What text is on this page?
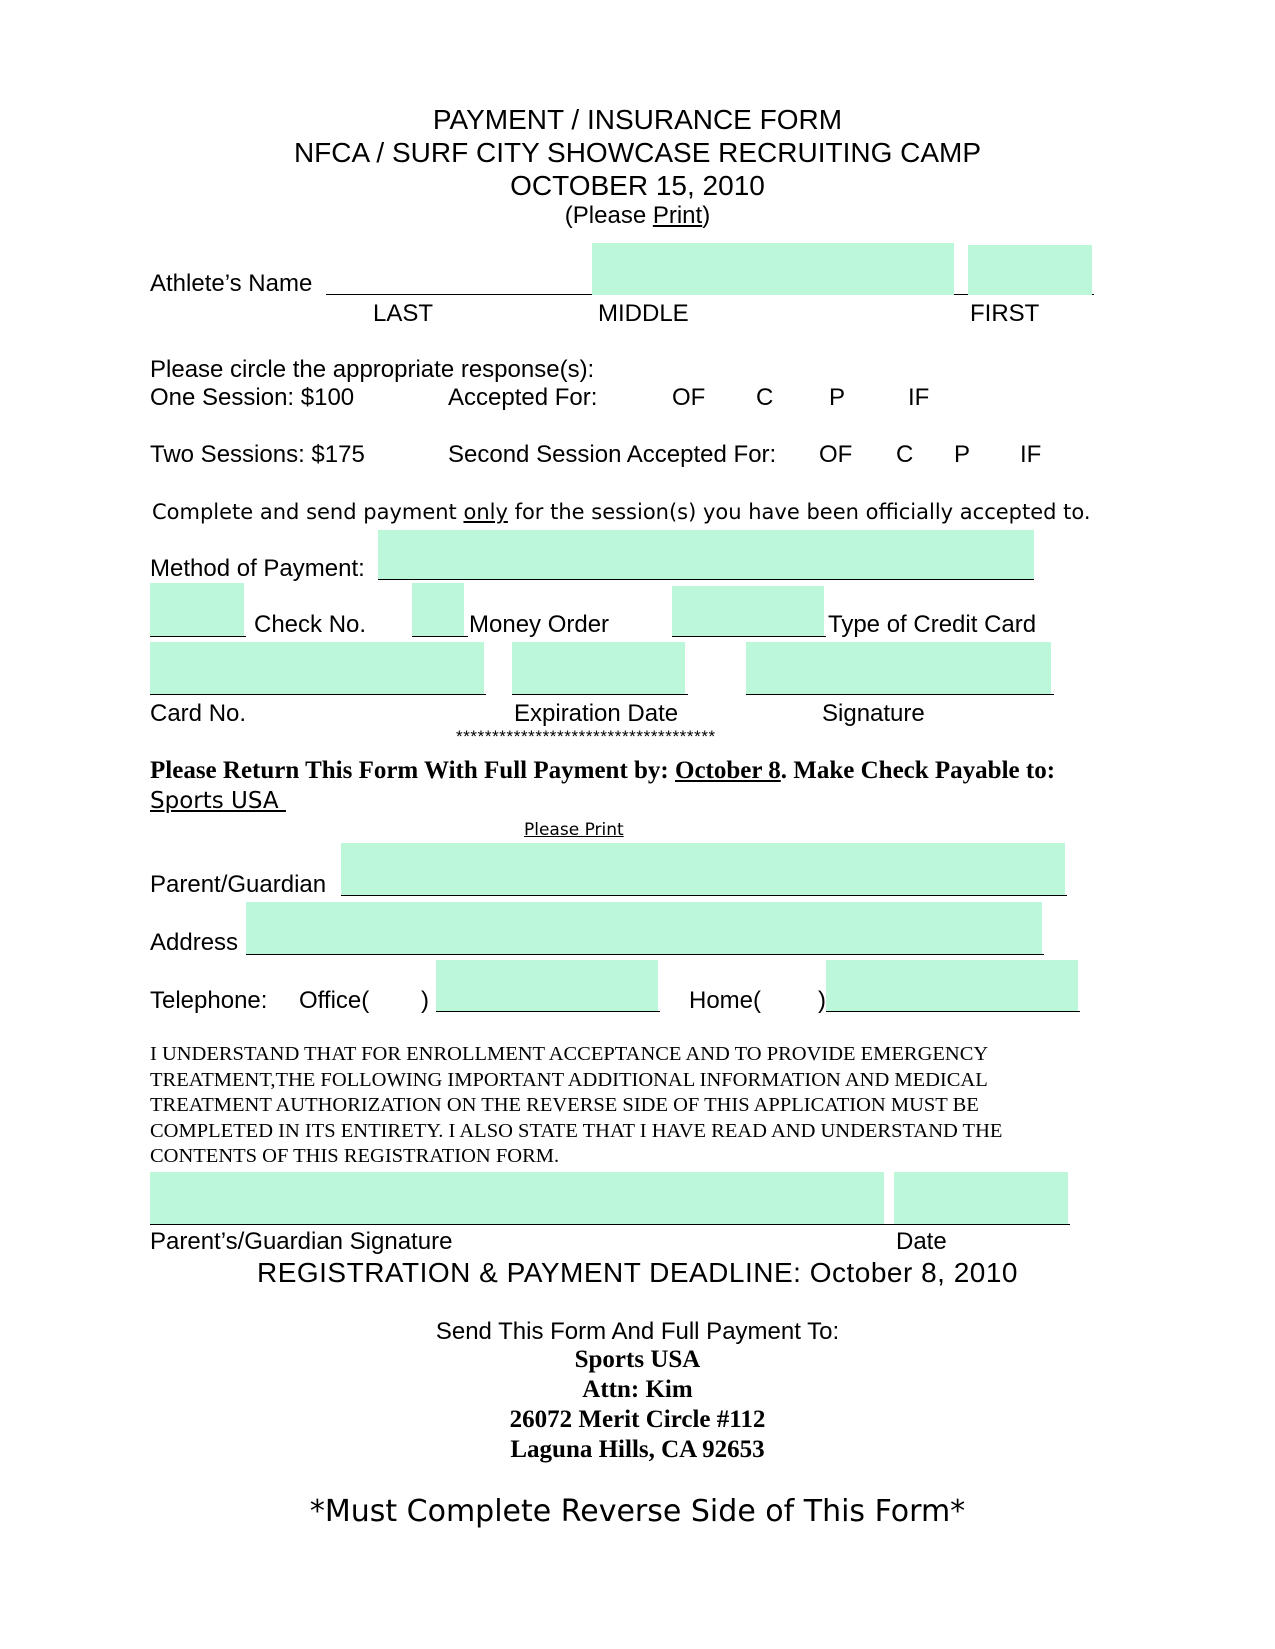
PAYMENT / INSURANCE FORM
NFCA / SURF CITY SHOWCASE RECRUITING CAMP
OCTOBER 15, 2010
(Please Print)
Athlete’s Name
LAST	MIDDLE	FIRST
Please circle the appropriate response(s):
One Session: $100	Accepted For:	OF C P	IF
Two Sessions: $175	Second Session Accepted For: OF C P IF
Complete and send payment only for the session(s) you have been officially accepted to.
Method of Payment:
Check No.	Money Order	Type of Credit Card
Card No.	Expiration Date	Signature
************************************
Please Return This Form With Full Payment by: October 8. Make Check Payable to:
Sports USA
Please Print
Parent/Guardian
Address
Telephone: Office( )	Home( )
I UNDERSTAND THAT FOR ENROLLMENT ACCEPTANCE AND TO PROVIDE EMERGENCY
TREATMENT,THE FOLLOWING IMPORTANT ADDITIONAL INFORMATION AND MEDICAL
TREATMENT AUTHORIZATION ON THE REVERSE SIDE OF THIS APPLICATION MUST BE
COMPLETED IN ITS ENTIRETY. I ALSO STATE THAT I HAVE READ AND UNDERSTAND THE
CONTENTS OF THIS REGISTRATION FORM.
Parent’s/Guardian Signature	Date
REGISTRATION & PAYMENT DEADLINE: October 8, 2010
Send This Form And Full Payment To:
Sports USA
Attn: Kim
26072 Merit Circle #112
Laguna Hills, CA 92653
*Must Complete Reverse Side of This Form*
